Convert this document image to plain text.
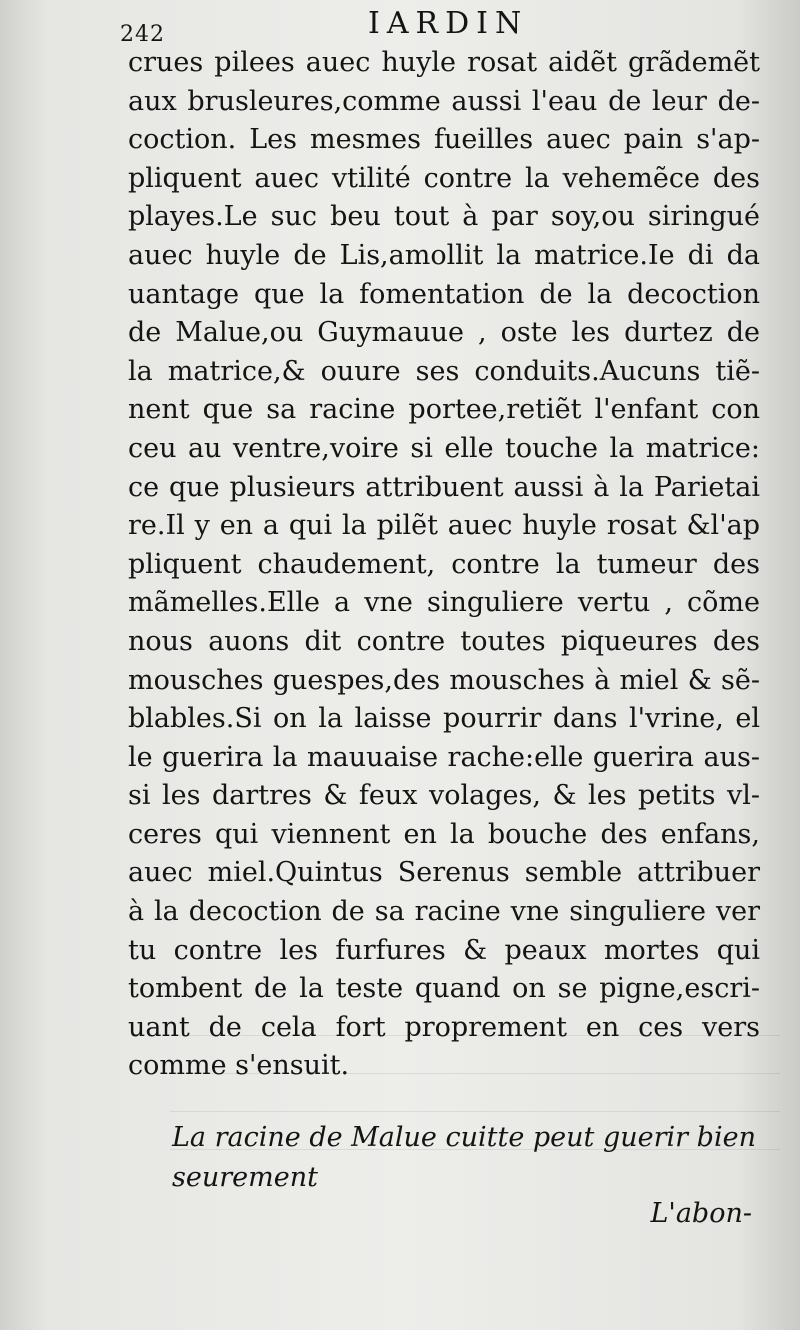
242	IARDIN
crues pilees auec huyle rosat aidẽt grãdemẽt
aux brusleures,comme aussi l'eau de leur de-
coction. Les mesmes fueilles auec pain s'ap-
pliquent auec vtilité contre la vehemẽce des
playes.Le suc beu tout à par soy,ou siringué
auec huyle de Lis,amollit la matrice.Ie di da
uantage que la fomentation de la decoction
de Malue,ou Guymauue , oste les durtez de
la matrice,& ouure ses conduits.Aucuns tiẽ-
nent que sa racine portee,retiẽt l'enfant con
ceu au ventre,voire si elle touche la matrice:
ce que plusieurs attribuent aussi à la Parietai
re.Il y en a qui la pilẽt auec huyle rosat &l'ap
pliquent chaudement, contre la tumeur des
mãmelles.Elle a vne singuliere vertu , cõme
nous auons dit contre toutes piqueures des
mousches guespes,des mousches à miel & sẽ-
blables.Si on la laisse pourrir dans l'vrine, el
le guerira la mauuaise rache:elle guerira aus-
si les dartres & feux volages, & les petits vl-
ceres qui viennent en la bouche des enfans,
auec miel.Quintus Serenus semble attribuer
à la decoction de sa racine vne singuliere ver
tu contre les furfures & peaux mortes qui
tombent de la teste quand on se pigne,escri-
uant de cela fort proprement en ces vers
comme s'ensuit.
La racine de Malue cuitte peut guerir bien
seurement
L'abon-
